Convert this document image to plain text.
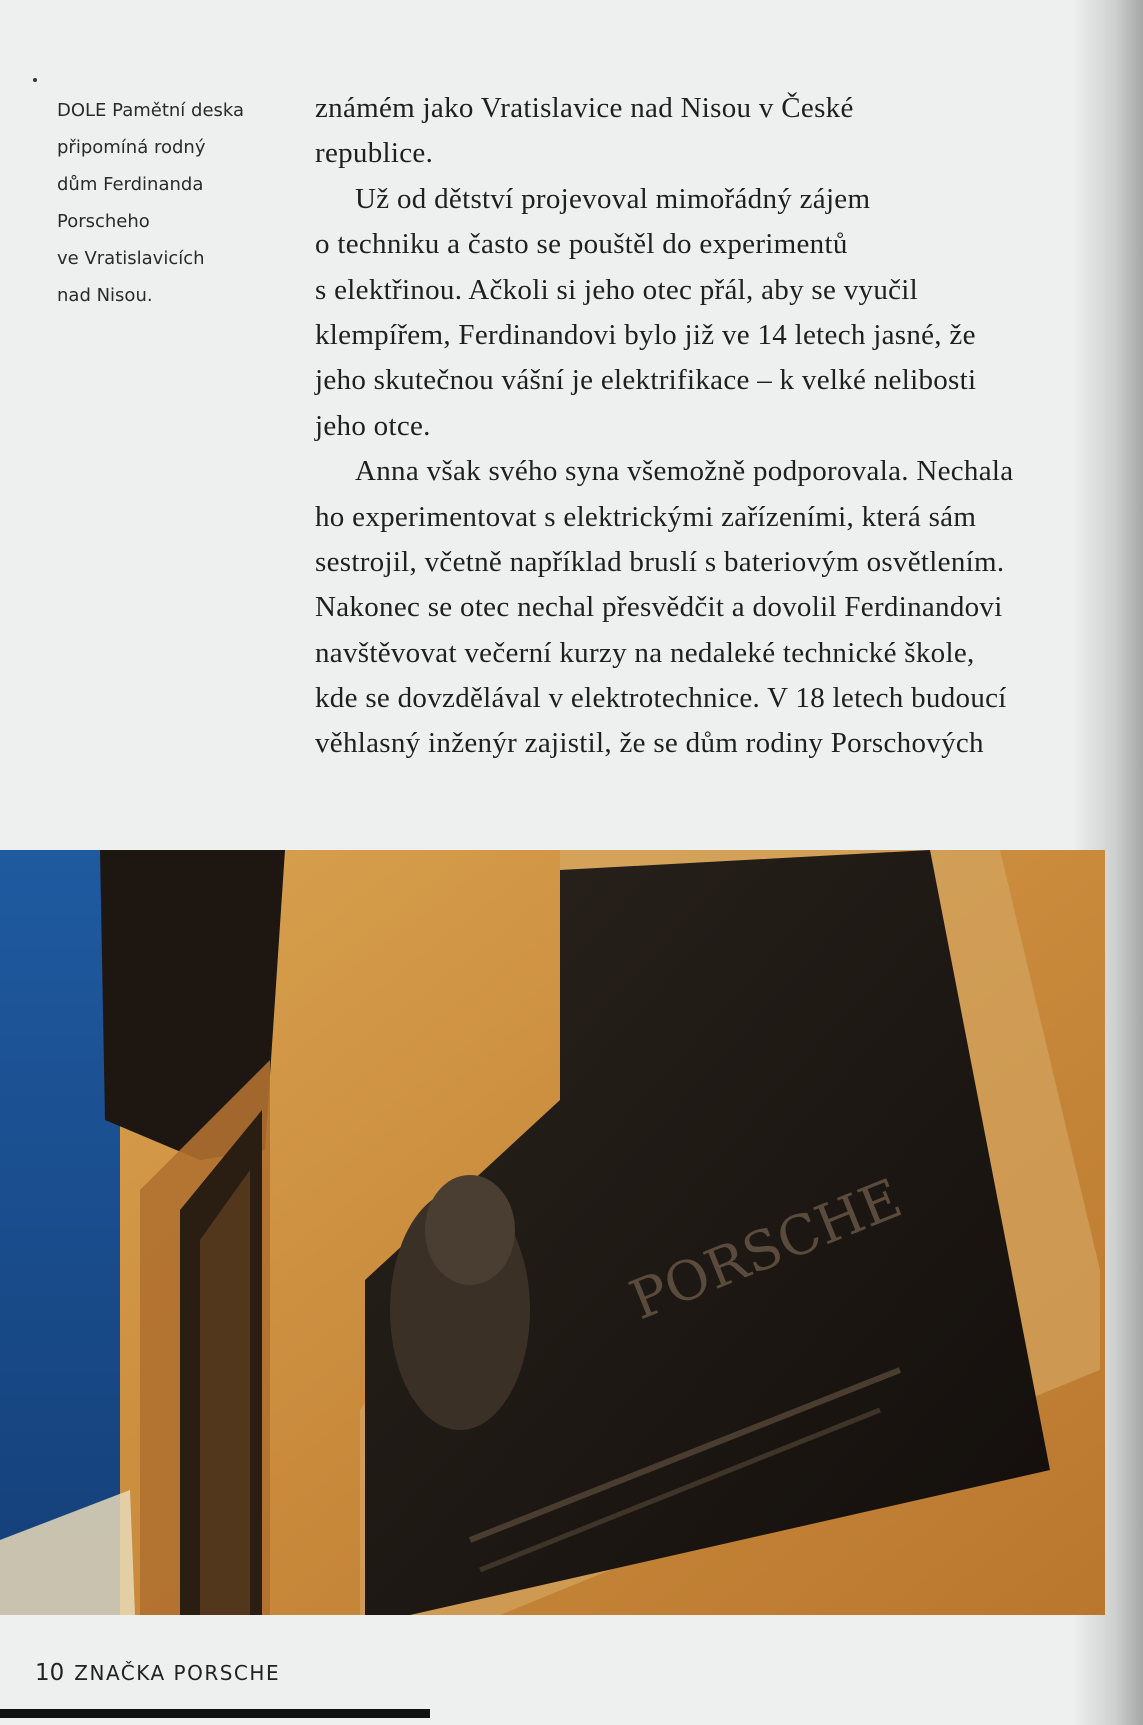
DOLE Pamětní deska
připomíná rodný
dům Ferdinanda
Porscheho
ve Vratislavicích
nad Nisou.
známém jako Vratislavice nad Nisou v České
republice.
Už od dětství projevoval mimořádný zájem
o techniku a často se pouštěl do experimentů
s elektřinou. Ačkoli si jeho otec přál, aby se vyučil
klempířem, Ferdinandovi bylo již ve 14 letech jasné, že
jeho skutečnou vášní je elektrifikace – k velké nelibosti
jeho otce.
Anna však svého syna všemožně podporovala. Nechala
ho experimentovat s elektrickými zařízeními, která sám
sestrojil, včetně například bruslí s bateriovým osvětlením.
Nakonec se otec nechal přesvědčit a dovolil Ferdinandovi
navštěvovat večerní kurzy na nedaleké technické škole,
kde se dovzdělával v elektrotechnice. V 18 letech budoucí
věhlasný inženýr zajistil, že se dům rodiny Porschových
PORSCHE
10 ZNAČKA PORSCHE
